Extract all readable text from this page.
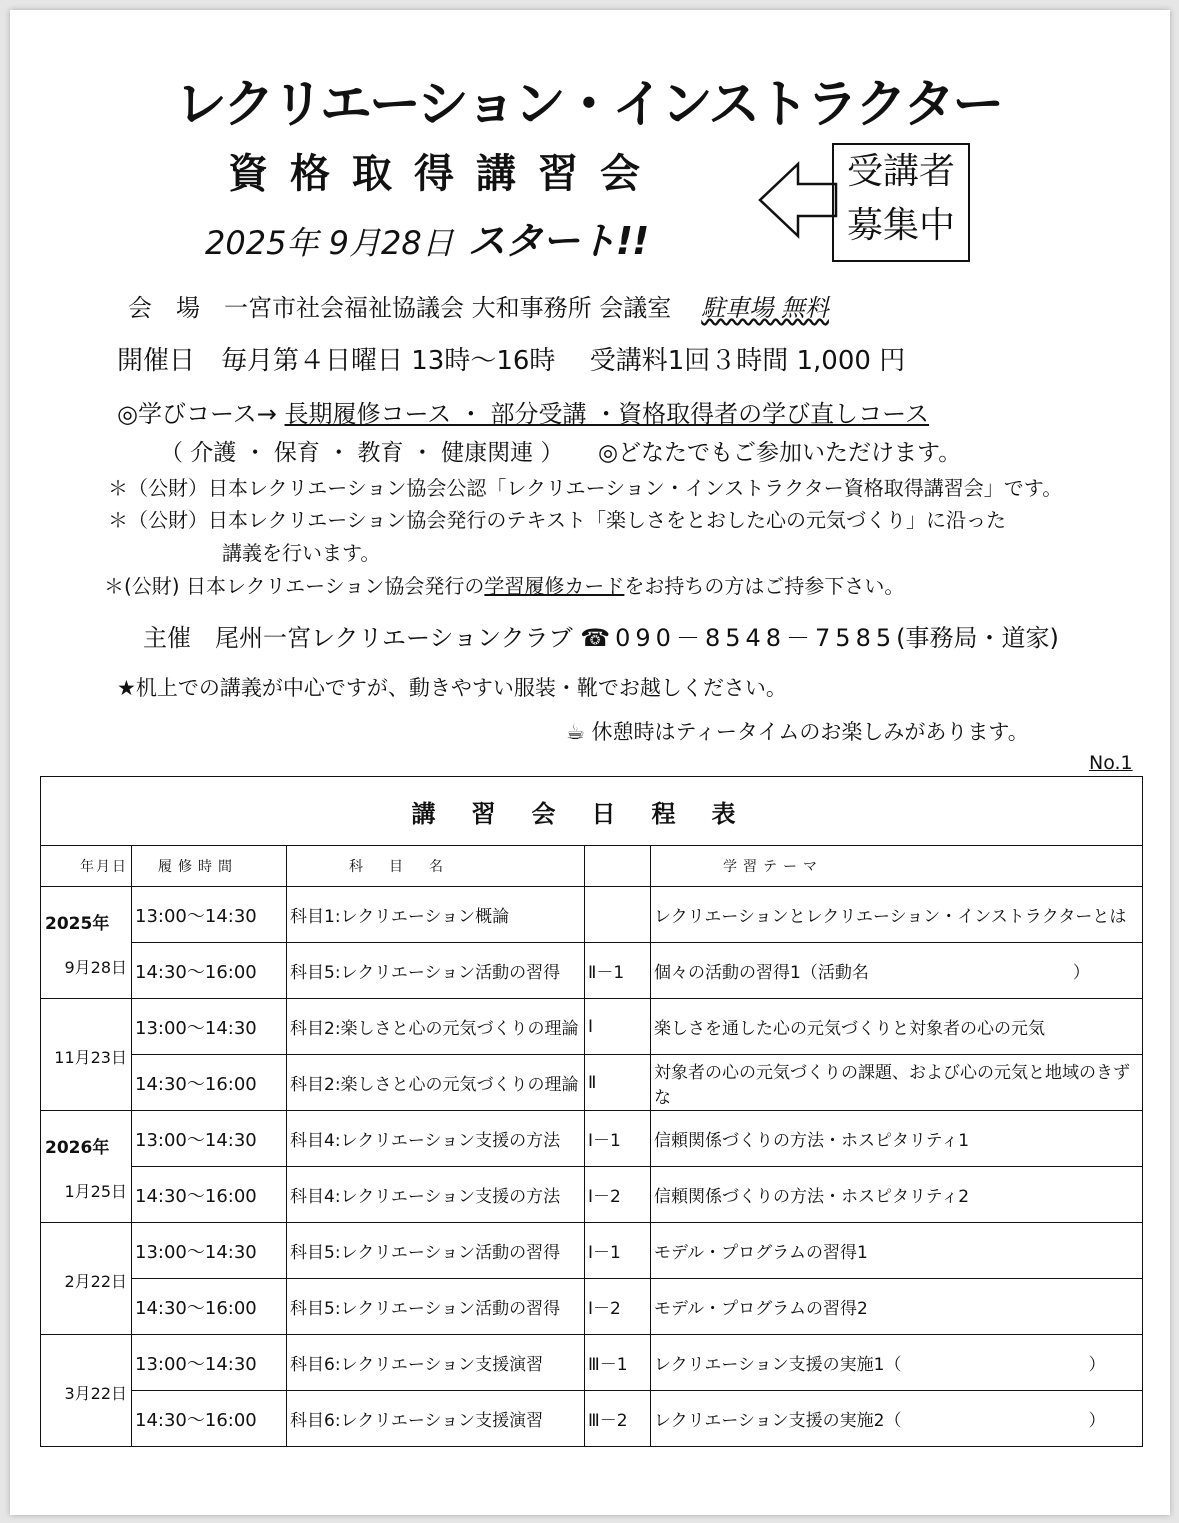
レクリエーション・インストラクター
資格取得講習会
2025年 9月28日 スタート!!
受講者
募集中
会　場　一宮市社会福祉協議会 大和事務所 会議室 駐車場 無料
開催日　毎月第４日曜日 13時～16時　 受講料1回３時間 1,000 円
◎学びコース→ 長期履修コース ・ 部分受講 ・資格取得者の学び直しコース
（ 介護 ・ 保育 ・ 教育 ・ 健康関連 ）　　◎どなたでもご参加いただけます。
＊（公財）日本レクリエーション協会公認「レクリエーション・インストラクター資格取得講習会」です。
＊（公財）日本レクリエーション協会発行のテキスト「楽しさをとおした心の元気づくり」に沿った
講義を行います。
＊(公財) 日本レクリエーション協会発行の学習履修カードをお持ちの方はご持参下さい。
主催　尾州一宮レクリエーションクラブ ☎090－8548－7585(事務局・道家)
★机上での講義が中心ですが、動きやすい服装・靴でお越しください。
☕ 休憩時はティータイムのお楽しみがあります。
No.1
講習会日程表				
年月日	履修時間	科　目　名		学習テーマ

2025年
9月28日	13:00～14:30	科目1:レクリエーション概論		レクリエーションとレクリエーション・インストラクターとは
	14:30～16:00	科目5:レクリエーション活動の習得	Ⅱ－1	個々の活動の習得1（活動名　　　　　　　　　　　　）

11月23日	13:00～14:30	科目2:楽しさと心の元気づくりの理論	Ⅰ	楽しさを通した心の元気づくりと対象者の心の元気
	14:30～16:00	科目2:楽しさと心の元気づくりの理論	Ⅱ	対象者の心の元気づくりの課題、および心の元気と地域のきずな

2026年
1月25日	13:00～14:30	科目4:レクリエーション支援の方法	Ⅰ－1	信頼関係づくりの方法・ホスピタリティ1
	14:30～16:00	科目4:レクリエーション支援の方法	Ⅰ－2	信頼関係づくりの方法・ホスピタリティ2

2月22日	13:00～14:30	科目5:レクリエーション活動の習得	Ⅰ－1	モデル・プログラムの習得1
	14:30～16:00	科目5:レクリエーション活動の習得	Ⅰ－2	モデル・プログラムの習得2

3月22日	13:00～14:30	科目6:レクリエーション支援演習	Ⅲ－1	レクリエーション支援の実施1（　　　　　　　　　　　）
	14:30～16:00	科目6:レクリエーション支援演習	Ⅲ－2	レクリエーション支援の実施2（　　　　　　　　　　　）
